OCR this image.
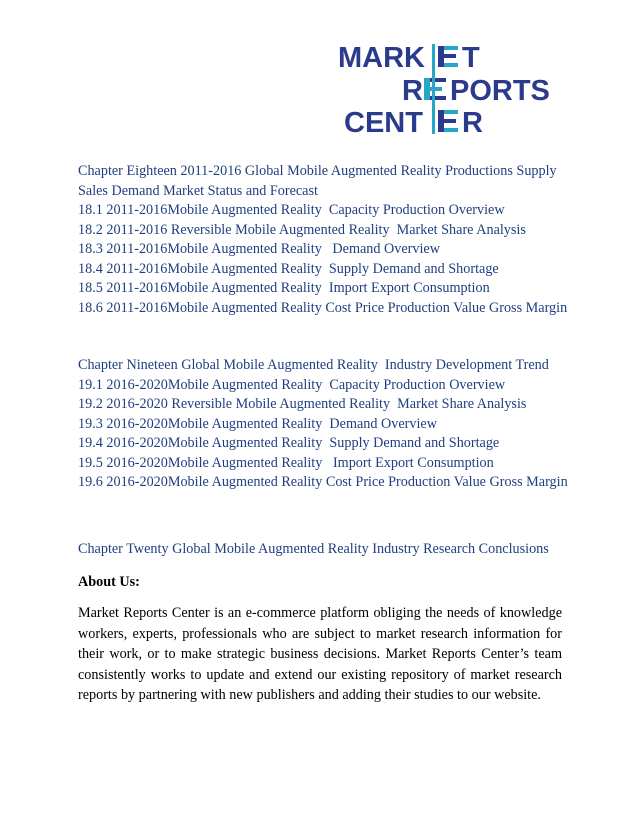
MARK T
R PORTS
CENT R
Chapter Eighteen 2011-2016 Global Mobile Augmented Reality Productions Supply Sales Demand Market Status and Forecast
18.1 2011-2016Mobile Augmented Reality  Capacity Production Overview
18.2 2011-2016 Reversible Mobile Augmented Reality  Market Share Analysis
18.3 2011-2016Mobile Augmented Reality   Demand Overview
18.4 2011-2016Mobile Augmented Reality  Supply Demand and Shortage
18.5 2011-2016Mobile Augmented Reality  Import Export Consumption
18.6 2011-2016Mobile Augmented Reality Cost Price Production Value Gross Margin
Chapter Nineteen Global Mobile Augmented Reality  Industry Development Trend
19.1 2016-2020Mobile Augmented Reality  Capacity Production Overview
19.2 2016-2020 Reversible Mobile Augmented Reality  Market Share Analysis
19.3 2016-2020Mobile Augmented Reality  Demand Overview
19.4 2016-2020Mobile Augmented Reality  Supply Demand and Shortage
19.5 2016-2020Mobile Augmented Reality   Import Export Consumption
19.6 2016-2020Mobile Augmented Reality Cost Price Production Value Gross Margin
Chapter Twenty Global Mobile Augmented Reality Industry Research Conclusions
About Us:
Market Reports Center is an e-commerce platform obliging the needs of knowledge workers, experts, professionals who are subject to market research information for their work, or to make strategic business decisions. Market Reports Center’s team consistently works to update and extend our existing repository of market research reports by partnering with new publishers and adding their studies to our website.
